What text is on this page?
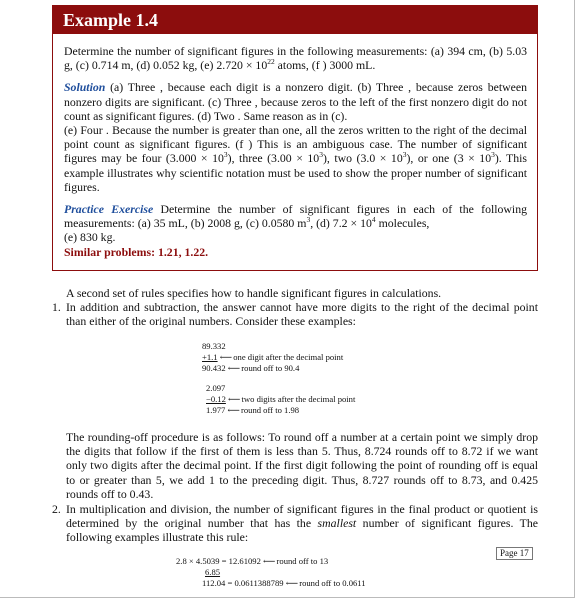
Example 1.4

Determine the number of significant figures in the following measurements: (a) 394 cm, (b) 5.03 g, (c) 0.714 m, (d) 0.052 kg, (e) $2.720 \times 10^{22}$ atoms, (f ) 3000 mL.

Solution (a) Three , because each digit is a nonzero digit. (b) Three , because zeros between nonzero digits are significant. (c) Three , because zeros to the left of the first nonzero digit do not count as significant figures. (d) Two . Same reason as in (c).

(e) Four . Because the number is greater than one, all the zeros written to the right of the decimal point count as significant figures. (f ) This is an ambiguous case. The number of significant figures may be four $(3.000 \times 10^3)$, three $(3.00 \times 10^3)$, two $(3.0 \times 10^3)$, or one $(3 \times 10^3)$. This example illustrates why scientific notation must be used to show the proper number of significant figures.

Practice Exercise Determine the number of significant figures in each of the following measurements: (a) 35 mL, (b) 2008 g, (c) 0.0580 $m^3$, (d) $7.2 \times 10^4$ molecules,
(e) 830 kg.

Similar problems: 1.21, 1.22.

A second set of rules specifies how to handle significant figures in calculations.

1. In addition and subtraction, the answer cannot have more digits to the right of the decimal point than either of the original numbers. Consider these examples:

89.332
+1.1 ⟵ one digit after the decimal point
90.432 ⟵ round off to 90.4
2.097
−0.12 ⟵ two digits after the decimal point
1.977 ⟵ round off to 1.98

The rounding-off procedure is as follows: To round off a number at a certain point we simply drop the digits that follow if the first of them is less than 5. Thus, 8.724 rounds off to 8.72 if we want only two digits after the decimal point. If the first digit following the point of rounding off is equal to or greater than 5, we add 1 to the preceding digit. Thus, 8.727 rounds off to 8.73, and 0.425 rounds off to 0.43.

2. In multiplication and division, the number of significant figures in the final product or quotient is determined by the original number that has the smallest number of significant figures. The following examples illustrate this rule:

2.8 × 4.5039 = 12.61092 ⟵ round off to 13
6.85
112.04 = 0.0611388789 ⟵ round off to 0.0611
Page 17
